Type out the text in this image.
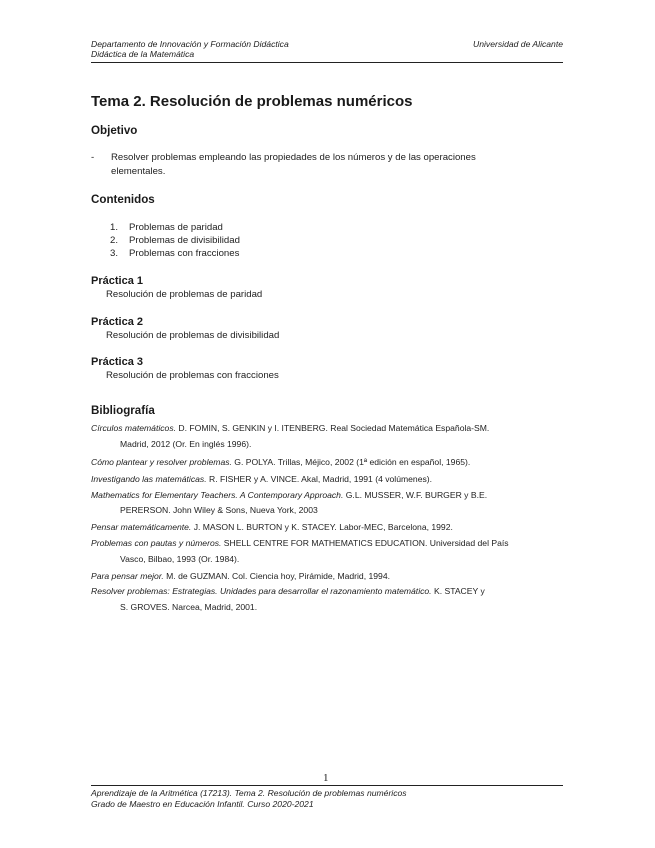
Departamento de Innovación y Formación Didáctica
Didáctica de la Matemática
Universidad de Alicante
Tema 2. Resolución de problemas numéricos
Objetivo
- Resolver problemas empleando las propiedades de los números y de las operaciones
elementales.
Contenidos
1. Problemas de paridad
2. Problemas de divisibilidad
3. Problemas con fracciones
Práctica 1
Resolución de problemas de paridad
Práctica 2
Resolución de problemas de divisibilidad
Práctica 3
Resolución de problemas con fracciones
Bibliografía
Círculos matemáticos. D. FOMIN, S. GENKIN y I. ITENBERG. Real Sociedad Matemática Española-SM.
Madrid, 2012 (Or. En inglés 1996).
Cómo plantear y resolver problemas. G. POLYA. Trillas, Méjico, 2002 (1ª edición en español, 1965).
Investigando las matemáticas. R. FISHER y A. VINCE. Akal, Madrid, 1991 (4 volúmenes).
Mathematics for Elementary Teachers. A Contemporary Approach. G.L. MUSSER, W.F. BURGER y B.E.
PERERSON. John Wiley & Sons, Nueva York, 2003
Pensar matemáticamente. J. MASON L. BURTON y K. STACEY. Labor-MEC, Barcelona, 1992.
Problemas con pautas y números. SHELL CENTRE FOR MATHEMATICS EDUCATION. Universidad del País
Vasco, Bilbao, 1993 (Or. 1984).
Para pensar mejor. M. de GUZMAN. Col. Ciencia hoy, Pirámide, Madrid, 1994.
Resolver problemas: Estrategias. Unidades para desarrollar el razonamiento matemático. K. STACEY y
S. GROVES. Narcea, Madrid, 2001.
1
Aprendizaje de la Aritmética (17213). Tema 2. Resolución de problemas numéricos
Grado de Maestro en Educación Infantil. Curso 2020-2021
